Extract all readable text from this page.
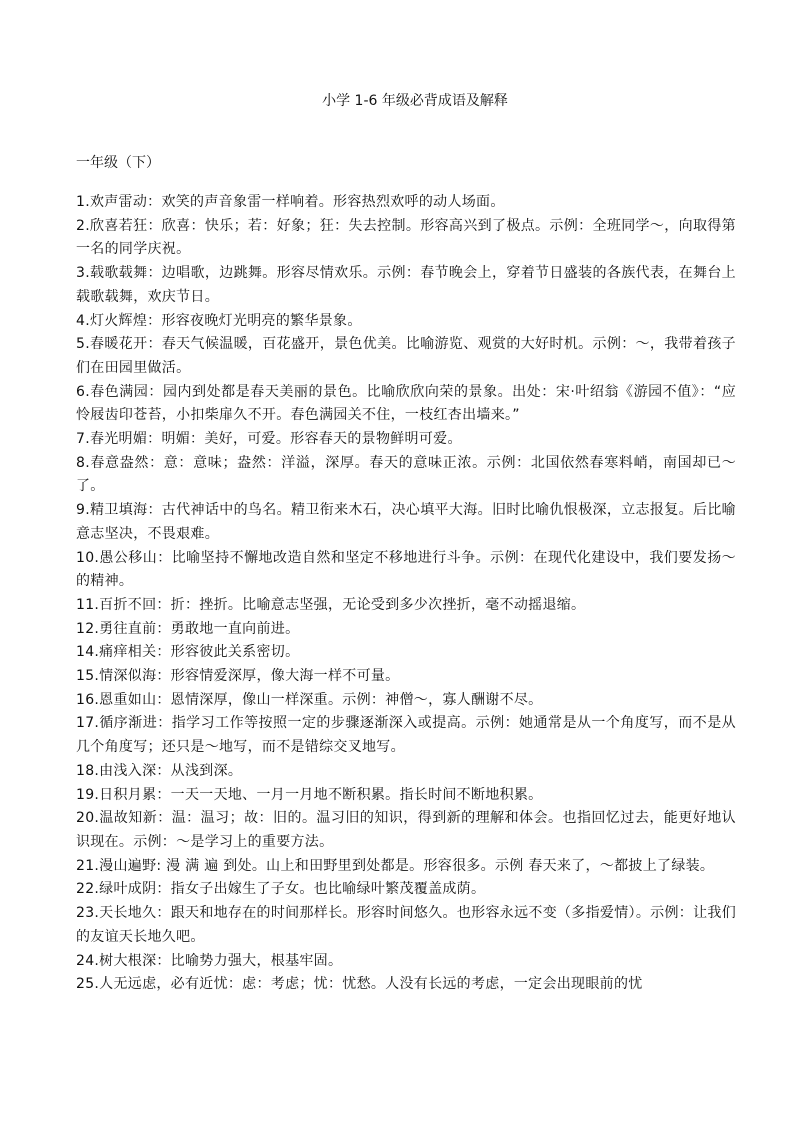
小学 1-6 年级必背成语及解释
一年级（下）

1.欢声雷动：欢笑的声音象雷一样响着。形容热烈欢呼的动人场面。

2.欣喜若狂：欣喜：快乐；若：好象；狂：失去控制。形容高兴到了极点。示例：全班同学～，向取得第一名的同学庆祝。

3.载歌载舞：边唱歌，边跳舞。形容尽情欢乐。示例：春节晚会上，穿着节日盛装的各族代表，在舞台上载歌载舞，欢庆节日。

4.灯火辉煌：形容夜晚灯光明亮的繁华景象。

5.春暖花开：春天气候温暖，百花盛开，景色优美。比喻游览、观赏的大好时机。示例：～，我带着孩子们在田园里做活。

6.春色满园：园内到处都是春天美丽的景色。比喻欣欣向荣的景象。出处：宋·叶绍翁《游园不值》：“应怜屐齿印苍苔，小扣柴扉久不开。春色满园关不住，一枝红杏出墙来。”

7.春光明媚：明媚：美好，可爱。形容春天的景物鲜明可爱。

8.春意盎然：意：意味；盎然：洋溢，深厚。春天的意味正浓。示例：北国依然春寒料峭，南国却已～了。

9.精卫填海：古代神话中的鸟名。精卫衔来木石，决心填平大海。旧时比喻仇恨极深，立志报复。后比喻意志坚决，不畏艰难。

10.愚公移山：比喻坚持不懈地改造自然和坚定不移地进行斗争。示例：在现代化建设中，我们要发扬～的精神。

11.百折不回：折：挫折。比喻意志坚强，无论受到多少次挫折，毫不动摇退缩。

12.勇往直前：勇敢地一直向前进。

14.痛痒相关：形容彼此关系密切。

15.情深似海：形容情爱深厚，像大海一样不可量。

16.恩重如山：恩情深厚，像山一样深重。示例：神僧～，寡人酬谢不尽。

17.循序渐进：指学习工作等按照一定的步骤逐渐深入或提高。示例：她通常是从一个角度写，而不是从几个角度写；还只是～地写，而不是错综交叉地写。

18.由浅入深：从浅到深。

19.日积月累：一天一天地、一月一月地不断积累。指长时间不断地积累。

20.温故知新：温：温习；故：旧的。温习旧的知识，得到新的理解和体会。也指回忆过去，能更好地认识现在。示例：～是学习上的重要方法。

21.漫山遍野: 漫 满 遍 到处。山上和田野里到处都是。形容很多。示例 春天来了，～都披上了绿装。

22.绿叶成阴：指女子出嫁生了子女。也比喻绿叶繁茂覆盖成荫。

23.天长地久：跟天和地存在的时间那样长。形容时间悠久。也形容永远不变（多指爱情）。示例：让我们的友谊天长地久吧。

24.树大根深：比喻势力强大，根基牢固。

25.人无远虑，必有近忧：虑：考虑；忧：忧愁。人没有长远的考虑，一定会出现眼前的忧
